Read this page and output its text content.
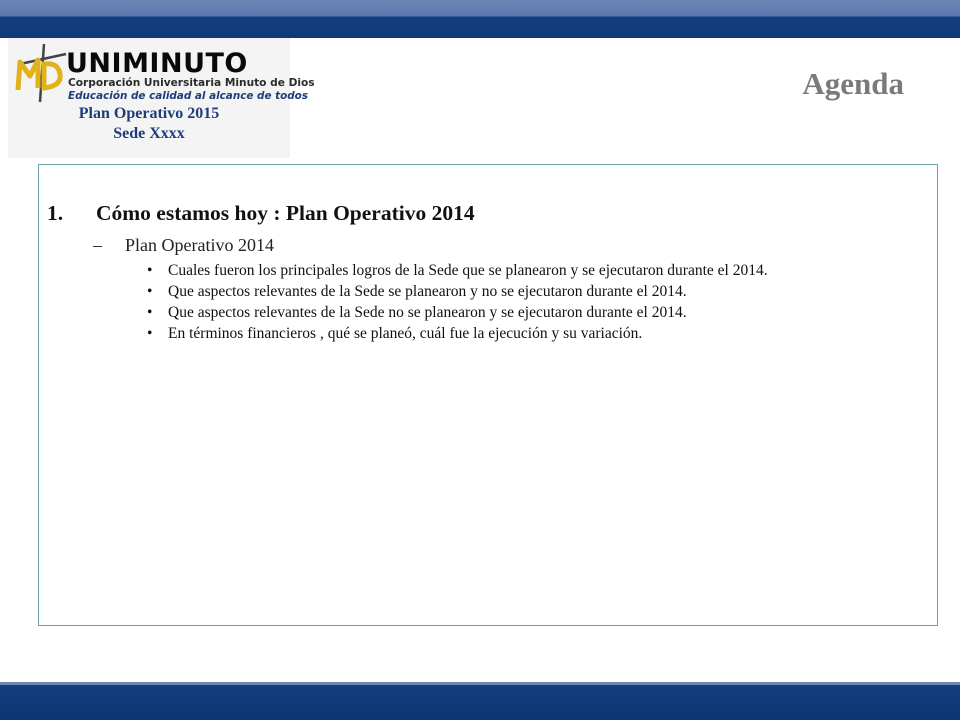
UNIMINUTO
Corporación Universitaria Minuto de Dios
Educación de calidad al alcance de todos
Plan Operativo 2015
Sede Xxxx
Agenda
1. Cómo estamos hoy : Plan Operativo 2014
– Plan Operativo 2014
• Cuales fueron los principales logros de la Sede que se planearon y se ejecutaron durante el 2014.
• Que aspectos relevantes de la Sede se planearon y no se ejecutaron durante el 2014.
• Que aspectos relevantes de la Sede no se planearon y se ejecutaron durante el 2014.
• En términos financieros , qué se planeó, cuál fue la ejecución y su variación.
